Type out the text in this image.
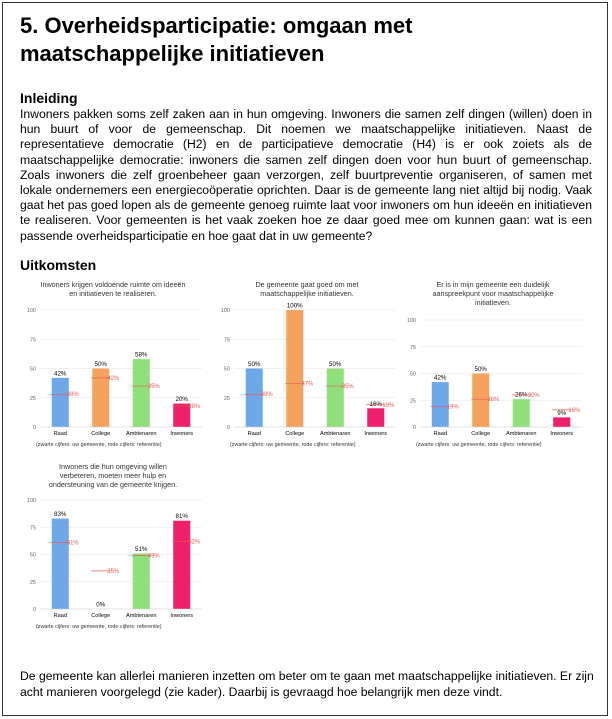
5. Overheidsparticipatie: omgaan met maatschappelijke initiatieven
Inleiding

Inwoners pakken soms zelf zaken aan in hun omgeving. Inwoners die samen zelf dingen (willen) doen in hun buurt of voor de gemeenschap. Dit noemen we maatschappelijke initiatieven. Naast de representatieve democratie (H2) en de participatieve democratie (H4) is er ook zoiets als de maatschappelijke democratie: inwoners die samen zelf dingen doen voor hun buurt of gemeenschap. Zoals inwoners die zelf groenbeheer gaan verzorgen, zelf buurtpreventie organiseren, of samen met lokale ondernemers een energiecoöperatie oprichten. Daar is de gemeente lang niet altijd bij nodig. Vaak gaat het pas goed lopen als de gemeente genoeg ruimte laat voor inwoners om hun ideeën en initiatieven te realiseren. Voor gemeenten is het vaak zoeken hoe ze daar goed mee om kunnen gaan: wat is een passende overheidsparticipatie en hoe gaat dat in uw gemeente?

Uitkomsten
Inwoners krijgen voldoende ruimte om ideeën en initiatieven te realiseren.
0
25
50
75
100
42%
28%
Raad
50%
42%
College
58%
35%
Ambtenaren
20%
18%
Inwoners
(zwarte cijfers: uw gemeente, rode cijfers: referentie)
De gemeente gaat goed om met maatschappelijke initiatieven.
0
25
50
75
100
50%
28%
Raad
100%
37%
College
50%
35%
Ambtenaren
16% 19%
Inwoners
(zwarte cijfers: uw gemeente, rode cijfers: referentie)
Er is in mijn gemeente een duidelijk aanspreekpunt voor maatschappelijke initiatieven.
0
25
50
75
100
42%
19%
Raad
50%
26%
College
26% 30%
Ambtenaren
9% 16%
Inwoners
(zwarte cijfers: uw gemeente, rode cijfers: referentie)
Inwoners die hun omgeving willen verbeteren, moeten meer hulp en ondersteuning van de gemeente krijgen.
0
25
50
75
100
83%
61%
Raad
0%
35%
College
51%
49%
Ambtenaren
81%
62%
Inwoners
(zwarte cijfers: uw gemeente, rode cijfers: referentie)

De gemeente kan allerlei manieren inzetten om beter om te gaan met maatschappelijke initiatieven. Er zijn acht manieren voorgelegd (zie kader). Daarbij is gevraagd hoe belangrijk men deze vindt.
